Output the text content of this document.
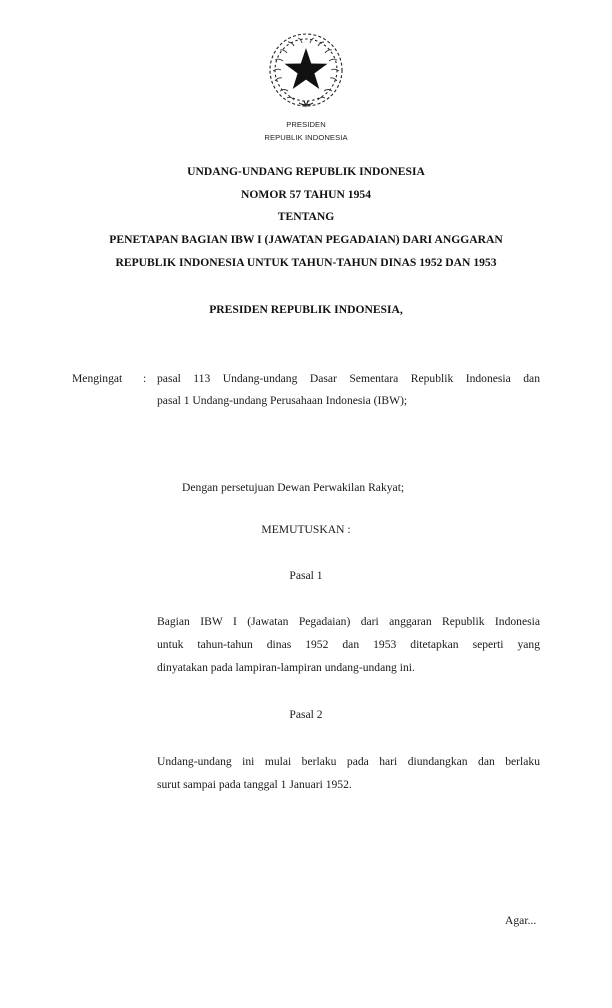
PRESIDEN
REPUBLIK INDONESIA
UNDANG-UNDANG REPUBLIK INDONESIA
NOMOR 57 TAHUN 1954
TENTANG
PENETAPAN BAGIAN IBW I (JAWATAN PEGADAIAN) DARI ANGGARAN
REPUBLIK INDONESIA UNTUK TAHUN-TAHUN DINAS 1952 DAN 1953
PRESIDEN REPUBLIK INDONESIA,
Mengingat : pasal 113 Undang-undang Dasar Sementara Republik Indonesia dan
pasal 1 Undang-undang Perusahaan Indonesia (IBW);
Dengan persetujuan Dewan Perwakilan Rakyat;
MEMUTUSKAN :
Pasal 1
Bagian IBW I (Jawatan Pegadaian) dari anggaran Republik Indonesia
untuk tahun-tahun dinas 1952 dan 1953 ditetapkan seperti yang
dinyatakan pada lampiran-lampiran undang-undang ini.
Pasal 2
Undang-undang ini mulai berlaku pada hari diundangkan dan berlaku
surut sampai pada tanggal 1 Januari 1952.
Agar...
